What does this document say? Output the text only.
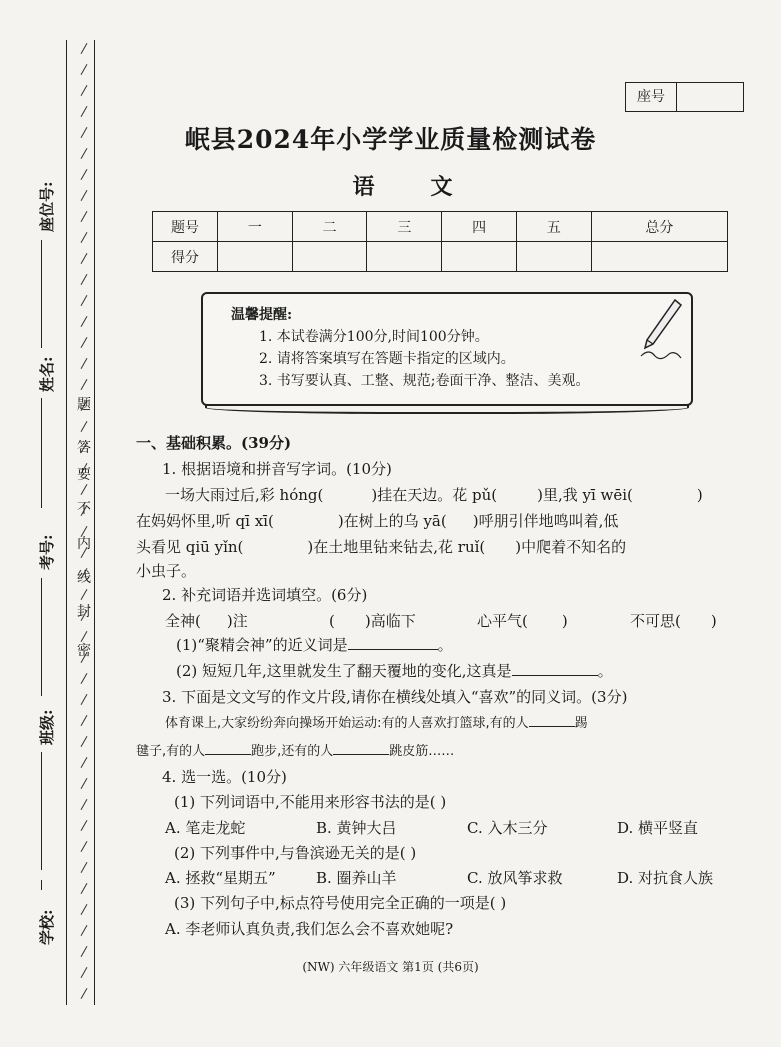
题
答
要
不
内
线
封
密
座位号:
姓名:
考号:
班级:
学校:
座号
岷县2024年小学学业质量检测试卷
语文
题号	一	二	三	四	五	总分
得分						
温馨提醒:
1. 本试卷满分100分,时间100分钟。
2. 请将答案填写在答题卡指定的区域内。
3. 书写要认真、工整、规范;卷面干净、整洁、美观。
一、基础积累。(39分)
1. 根据语境和拼音写字词。(10分)
一场大雨过后,彩 hóng(	)挂在天边。花 pǔ(	)里,我 yī wēi(	)
在妈妈怀里,听 qī xī(	)在树上的乌 yā( )呼朋引伴地鸣叫着,低
头看见 qiū yǐn(	)在土地里钻来钻去,花 ruǐ( )中爬着不知名的
小虫子。
2. 补充词语并选词填空。(6分)
全神( )注	( )高临下	心平气( )	不可思( )
(1)“聚精会神”的近义词是	。
(2) 短短几年,这里就发生了翻天覆地的变化,这真是	。
3. 下面是文文写的作文片段,请你在横线处填入“喜欢”的同义词。(3分)
体育课上,大家纷纷奔向操场开始运动:有的人喜欢打篮球,有的人	踢
毽子,有的人	跑步,还有的人	跳皮筋……
4. 选一选。(10分)
(1) 下列词语中,不能用来形容书法的是( )
A. 笔走龙蛇	B. 黄钟大吕	C. 入木三分	D. 横平竖直
(2) 下列事件中,与鲁滨逊无关的是( )
A. 拯救“星期五”	B. 圈养山羊	C. 放风筝求救	D. 对抗食人族
(3) 下列句子中,标点符号使用完全正确的一项是( )
A. 李老师认真负责,我们怎么会不喜欢她呢?
(NW) 六年级语文 第1页 (共6页)
